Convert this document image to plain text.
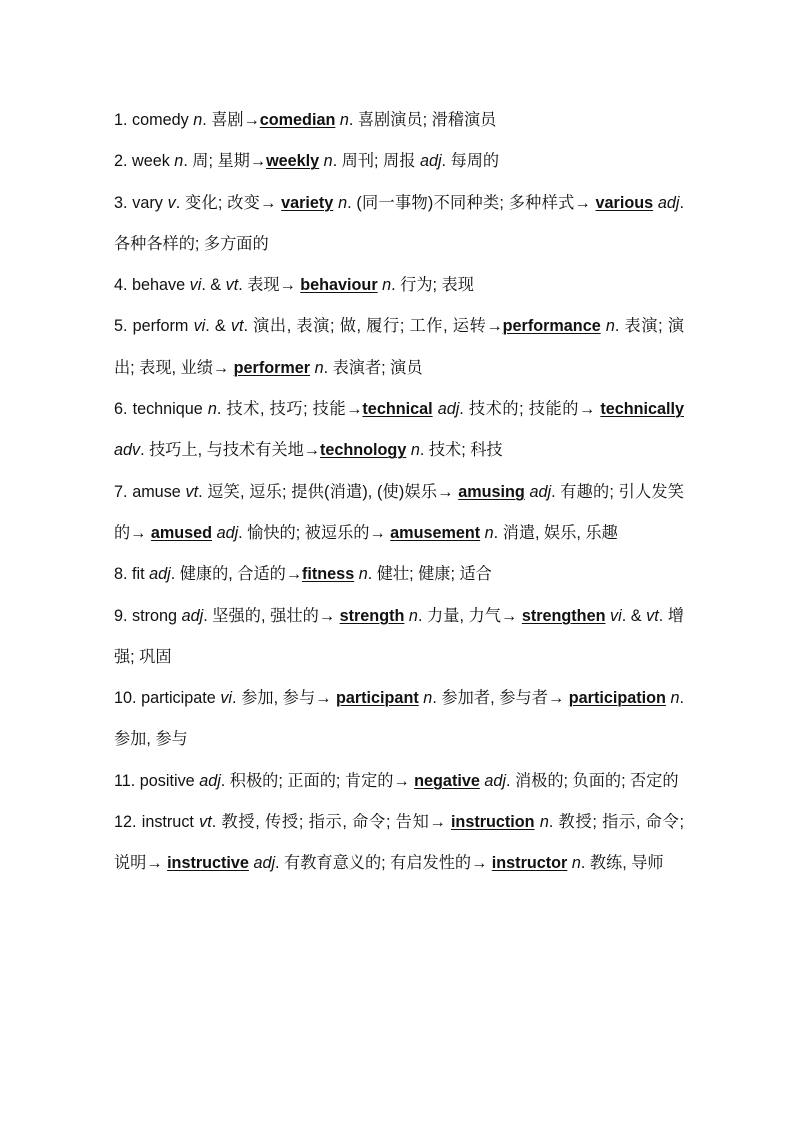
1. comedy n. 喜剧→comedian n. 喜剧演员; 滑稽演员

2. week n. 周; 星期→weekly n. 周刊; 周报 adj. 每周的

3. vary v. 变化; 改变→ variety n. (同一事物)不同种类; 多种样式→ various adj. 各种各样的; 多方面的

4. behave vi. & vt. 表现→ behaviour n. 行为; 表现

5. perform vi. & vt. 演出, 表演; 做, 履行; 工作, 运转→performance n. 表演; 演出; 表现, 业绩→ performer n. 表演者; 演员

6. technique n. 技术, 技巧; 技能→technical adj. 技术的; 技能的→ technically adv. 技巧上, 与技术有关地→technology n. 技术; 科技

7. amuse vt. 逗笑, 逗乐; 提供(消遣), (使)娱乐→ amusing adj. 有趣的; 引人发笑的→ amused adj. 愉快的; 被逗乐的→ amusement n. 消遣, 娱乐, 乐趣

8. fit adj. 健康的, 合适的→fitness n. 健壮; 健康; 适合

9. strong adj. 坚强的, 强壮的→ strength n. 力量, 力气→ strengthen vi. & vt. 增强; 巩固

10. participate vi. 参加, 参与→ participant n. 参加者, 参与者→ participation n. 参加, 参与

11. positive adj. 积极的; 正面的; 肯定的→ negative adj. 消极的; 负面的; 否定的

12. instruct vt. 教授, 传授; 指示, 命令; 告知→ instruction n. 教授; 指示, 命令; 说明→ instructive adj. 有教育意义的; 有启发性的→ instructor n. 教练, 导师
